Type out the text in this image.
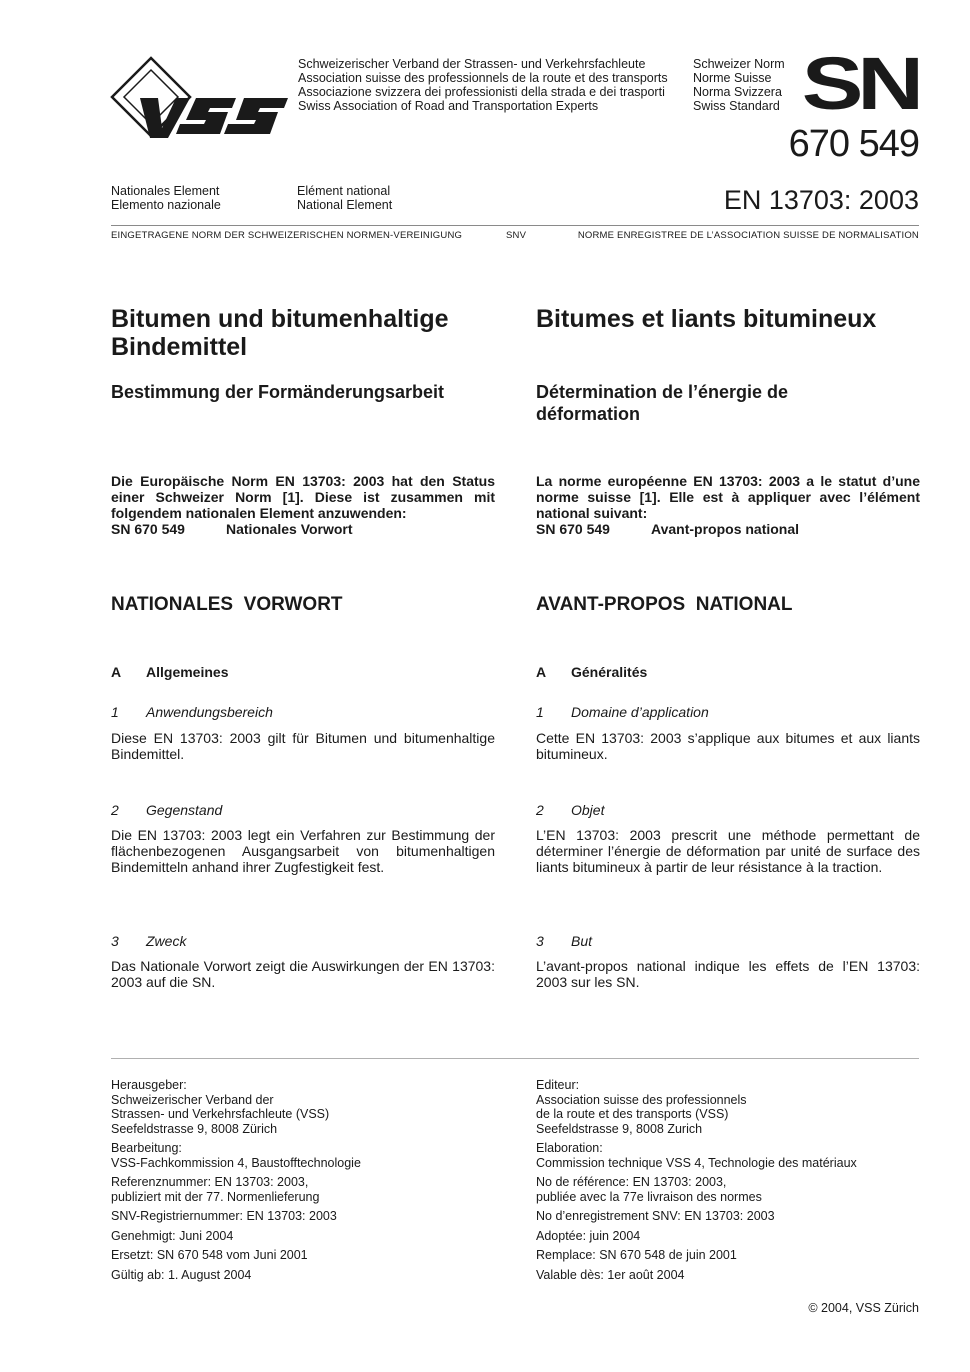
Schweizerischer Verband der Strassen- und Verkehrsfachleute
Association suisse des professionnels de la route et des transports
Associazione svizzera dei professionisti della strada e dei trasporti
Swiss Association of Road and Transportation Experts
Schweizer Norm
Norme Suisse
Norma Svizzera
Swiss Standard SN
670 549
Nationales Element
Elemento nazionale
Elément national
National Element	EN 13703: 2003
EINGETRAGENE NORM DER SCHWEIZERISCHEN NORMEN-VEREINIGUNG	SNV	NORME ENREGISTREE DE L’ASSOCIATION SUISSE DE NORMALISATION
Bitumen und bitumenhaltige Bindemittel
Bitumes et liants bitumineux
Bestimmung der Formänderungsarbeit	Détermination de l’énergie de déformation
Die Europäische Norm EN 13703: 2003 hat den Status einer Schweizer Norm [1]. Diese ist zusammen mit folgendem nationalen Element anzuwenden:
SN 670 549	Nationales Vorwort
La norme européenne EN 13703: 2003 a le statut d’une norme suisse [1]. Elle est à appliquer avec l’élément national suivant:
SN 670 549	Avant-propos national
NATIONALES  VORWORT	AVANT-PROPOS  NATIONAL
A Allgemeines	A Généralités
1 Anwendungsbereich	1 Domaine d’application
Diese EN 13703: 2003 gilt für Bitumen und bitumenhaltige Bindemittel.
Cette EN 13703: 2003 s’applique aux bitumes et aux liants bitumineux.
2 Gegenstand	2 Objet
Die EN 13703: 2003 legt ein Verfahren zur Bestimmung der flächenbezogenen Ausgangsarbeit von bitumenhaltigen Bindemitteln anhand ihrer Zugfestigkeit fest.
L’EN 13703: 2003 prescrit une méthode permettant de déterminer l’énergie de déformation par unité de surface des liants bitumineux à partir de leur résistance à la traction.
3 Zweck	3 But
Das Nationale Vorwort zeigt die Auswirkungen der EN 13703: 2003 auf die SN.
L’avant-propos national indique les effets de l’EN 13703: 2003 sur les SN.

Herausgeber:
Schweizerischer Verband der
Strassen- und Verkehrsfachleute (VSS)
Seefeldstrasse 9, 8008 Zürich

Bearbeitung:
VSS-Fachkommission 4, Baustofftechnologie

Referenznummer: EN 13703: 2003,
publiziert mit der 77. Normenlieferung

SNV-Registriernummer: EN 13703: 2003

Genehmigt: Juni 2004

Ersetzt: SN 670 548 vom Juni 2001

Gültig ab: 1. August 2004

Editeur:
Association suisse des professionnels
de la route et des transports (VSS)
Seefeldstrasse 9, 8008 Zurich

Elaboration:
Commission technique VSS 4, Technologie des matériaux

No de référence: EN 13703: 2003,
publiée avec la 77e livraison des normes

No d’enregistrement SNV: EN 13703: 2003

Adoptée: juin 2004

Remplace: SN 670 548 de juin 2001

Valable dès: 1er août 2004

© 2004, VSS Zürich
